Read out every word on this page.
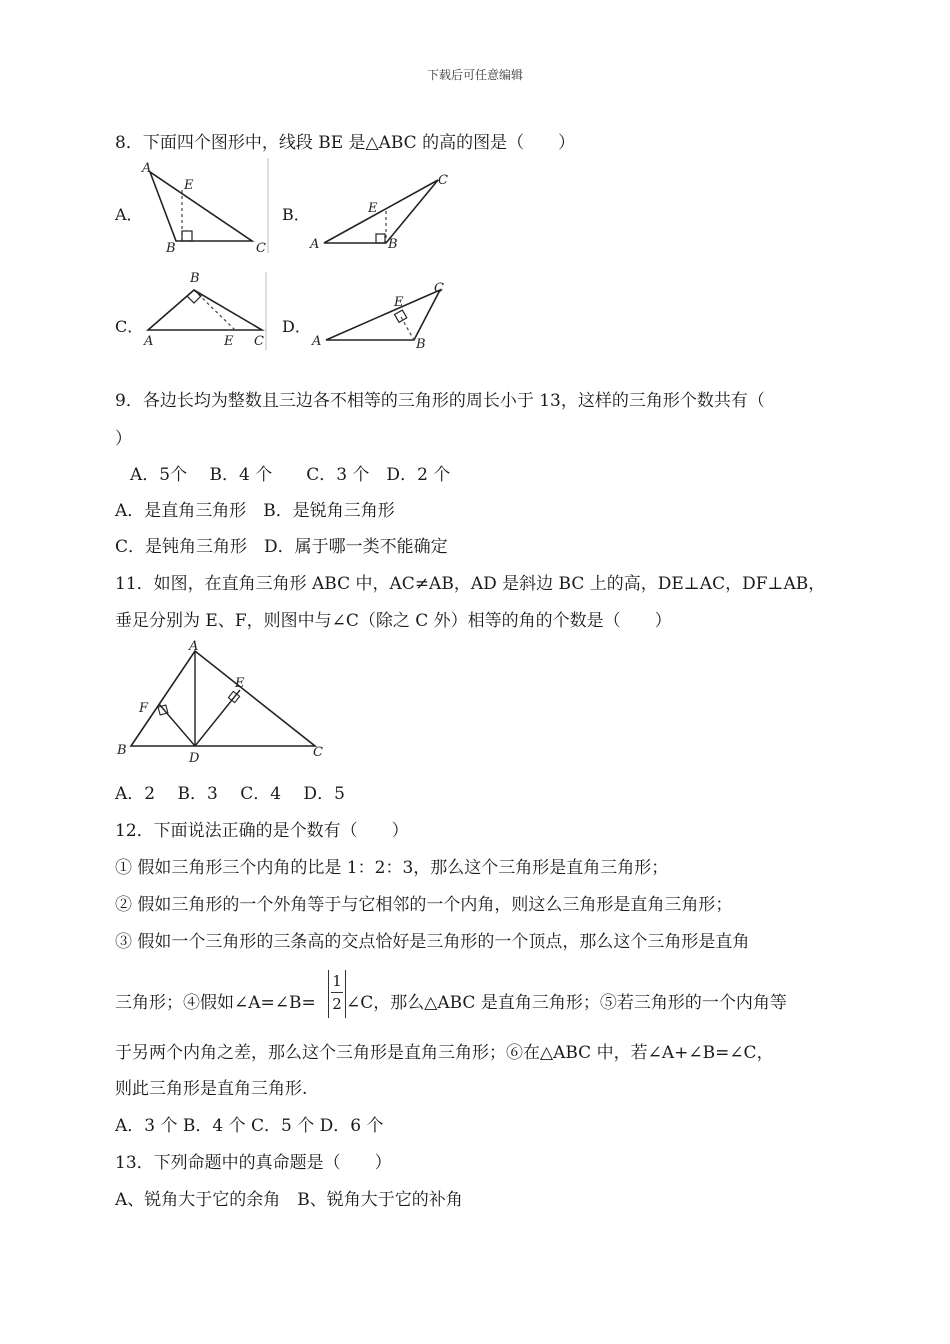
下载后可任意编辑
8．下面四个图形中，线段 BE 是△ABC 的高的图是（　　）
A．
A
E
B	C
B．
A
E
B
C
C．
B
A	E C
D．
A
E
B
C
9．各边长均为整数且三边各不相等的三角形的周长小于 13，这样的三角形个数共有（
）
A．5个　 B．4 个　　C．3 个　D．2 个
A．是直角三角形　B．是锐角三角形
C．是钝角三角形　D．属于哪一类不能确定
11．如图，在直角三角形 ABC 中，AC≠AB，AD 是斜边 BC 上的高，DE⊥AC，DF⊥AB，
垂足分别为 E、F，则图中与∠C（除之 C 外）相等的角的个数是（　　）
A
B	C
D
E
F
A．2　 B．3　 C．4　 D．5
12．下面说法正确的是个数有（　　）
① 假如三角形三个内角的比是 1：2：3，那么这个三角形是直角三角形；
② 假如三角形的一个外角等于与它相邻的一个内角，则这么三角形是直角三角形；
③ 假如一个三角形的三条高的交点恰好是三角形的一个顶点，那么这个三角形是直角
三角形；④假如∠A=∠B=
1
2 ∠C，那么△ABC 是直角三角形；⑤若三角形的一个内角等
于另两个内角之差，那么这个三角形是直角三角形；⑥在△ABC 中，若∠A+∠B=∠C，
则此三角形是直角三角形.
A．3 个 B．4 个 C．5 个 D．6 个
13．下列命题中的真命题是（　　）
A、锐角大于它的余角　B、锐角大于它的补角
